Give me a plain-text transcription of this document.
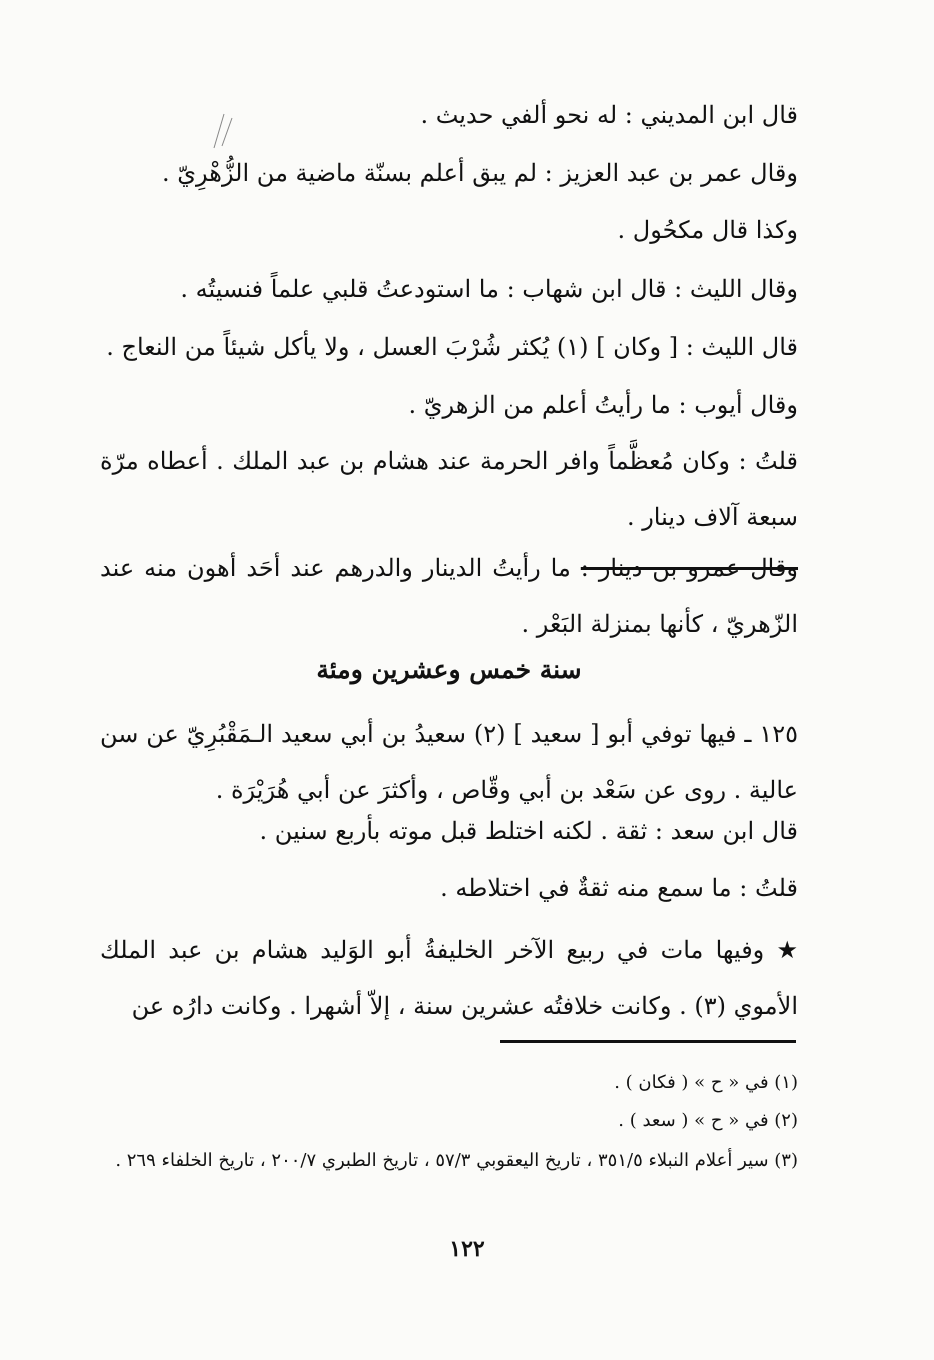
قال ابن المديني : له نحو ألفي حديث .
وقال عمر بن عبد العزيز : لم يبق أعلم بسنّة ماضية من الزُّهْرِيّ .
وكذا قال مكحُول .
وقال الليث : قال ابن شهاب : ما استودعتُ قلبي علماً فنسيتُه .
قال الليث : [ وكان ] (١) يُكثر شُرْبَ العسل ، ولا يأكل شيئاً من النعاج .
وقال أيوب : ما رأيتُ أعلم من الزهريّ .
قلتُ : وكان مُعظَّماً وافر الحرمة عند هشام بن عبد الملك . أعطاه مرّة سبعة آلاف دينار .
وقال عمرو بن دينار : ما رأيتُ الدينار والدرهم عند أحَد أهون منه عند الزّهريّ ، كأنها بمنزلة البَعْر .
سنة خمس وعشرين ومئة
١٢٥ ـ فيها توفي أبو [ سعيد ] (٢) سعيدُ بن أبي سعيد الـمَقْبُرِيّ عن سن عالية . روى عن سَعْد بن أبي وقّاص ، وأكثرَ عن أبي هُرَيْرَة .
قال ابن سعد : ثقة . لكنه اختلط قبل موته بأربع سنين .
قلتُ : ما سمع منه ثقةٌ في اختلاطه .
★ وفيها مات في ربيع الآخر الخليفةُ أبو الوَليد هشام بن عبد الملك الأموي (٣) . وكانت خلافتُه عشرين سنة ، إلاّ أشهرا . وكانت دارُه عن
(١) في « ح » ( فكان ) .
(٢) في « ح » ( سعد ) .
(٣) سير أعلام النبلاء ٣٥١/٥ ، تاريخ اليعقوبي ٥٧/٣ ، تاريخ الطبري ٢٠٠/٧ ، تاريخ الخلفاء ٢٦٩ .
١٢٢
